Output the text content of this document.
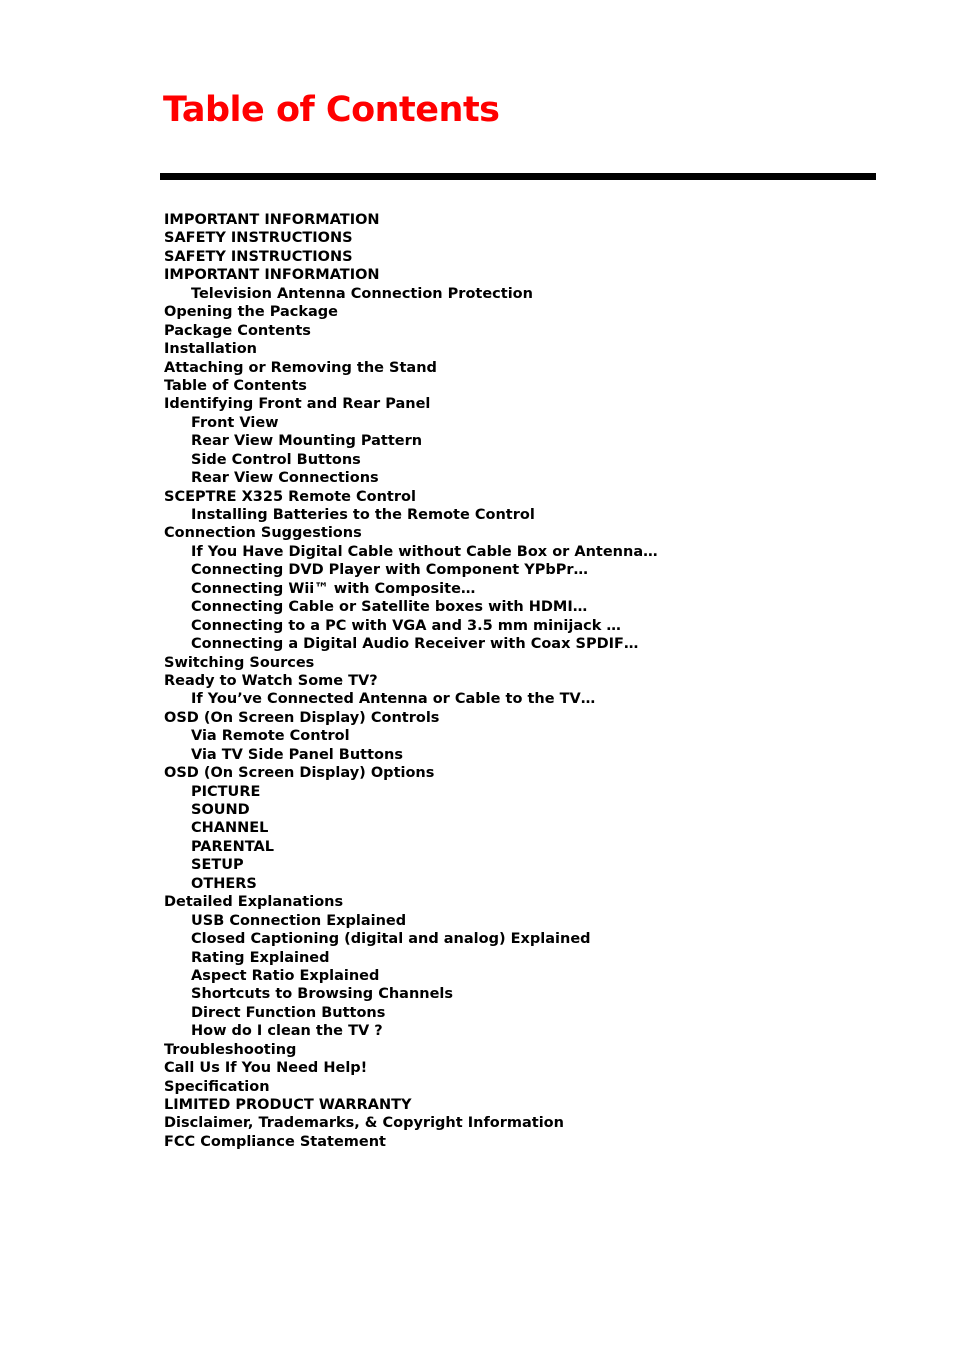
Table of Contents
IMPORTANT INFORMATION
SAFETY INSTRUCTIONS
SAFETY INSTRUCTIONS
IMPORTANT INFORMATION
Television Antenna Connection Protection
Opening the Package
Package Contents
Installation
Attaching or Removing the Stand
Table of Contents
Identifying Front and Rear Panel
Front View
Rear View Mounting Pattern
Side Control Buttons
Rear View Connections
SCEPTRE X325 Remote Control
Installing Batteries to the Remote Control
Connection Suggestions
If You Have Digital Cable without Cable Box or Antenna…
Connecting DVD Player with Component YPbPr…
Connecting Wii™ with Composite…
Connecting Cable or Satellite boxes with HDMI…
Connecting to a PC with VGA and 3.5 mm minijack …
Connecting a Digital Audio Receiver with Coax SPDIF…
Switching Sources
Ready to Watch Some TV?
If You’ve Connected Antenna or Cable to the TV…
OSD (On Screen Display) Controls
Via Remote Control
Via TV Side Panel Buttons
OSD (On Screen Display) Options
PICTURE
SOUND
CHANNEL
PARENTAL
SETUP
OTHERS
Detailed Explanations
USB Connection Explained
Closed Captioning (digital and analog) Explained
Rating Explained
Aspect Ratio Explained
Shortcuts to Browsing Channels
Direct Function Buttons
How do I clean the TV ?
Troubleshooting
Call Us If You Need Help!
Specification
LIMITED PRODUCT WARRANTY
Disclaimer, Trademarks, & Copyright Information
FCC Compliance Statement
